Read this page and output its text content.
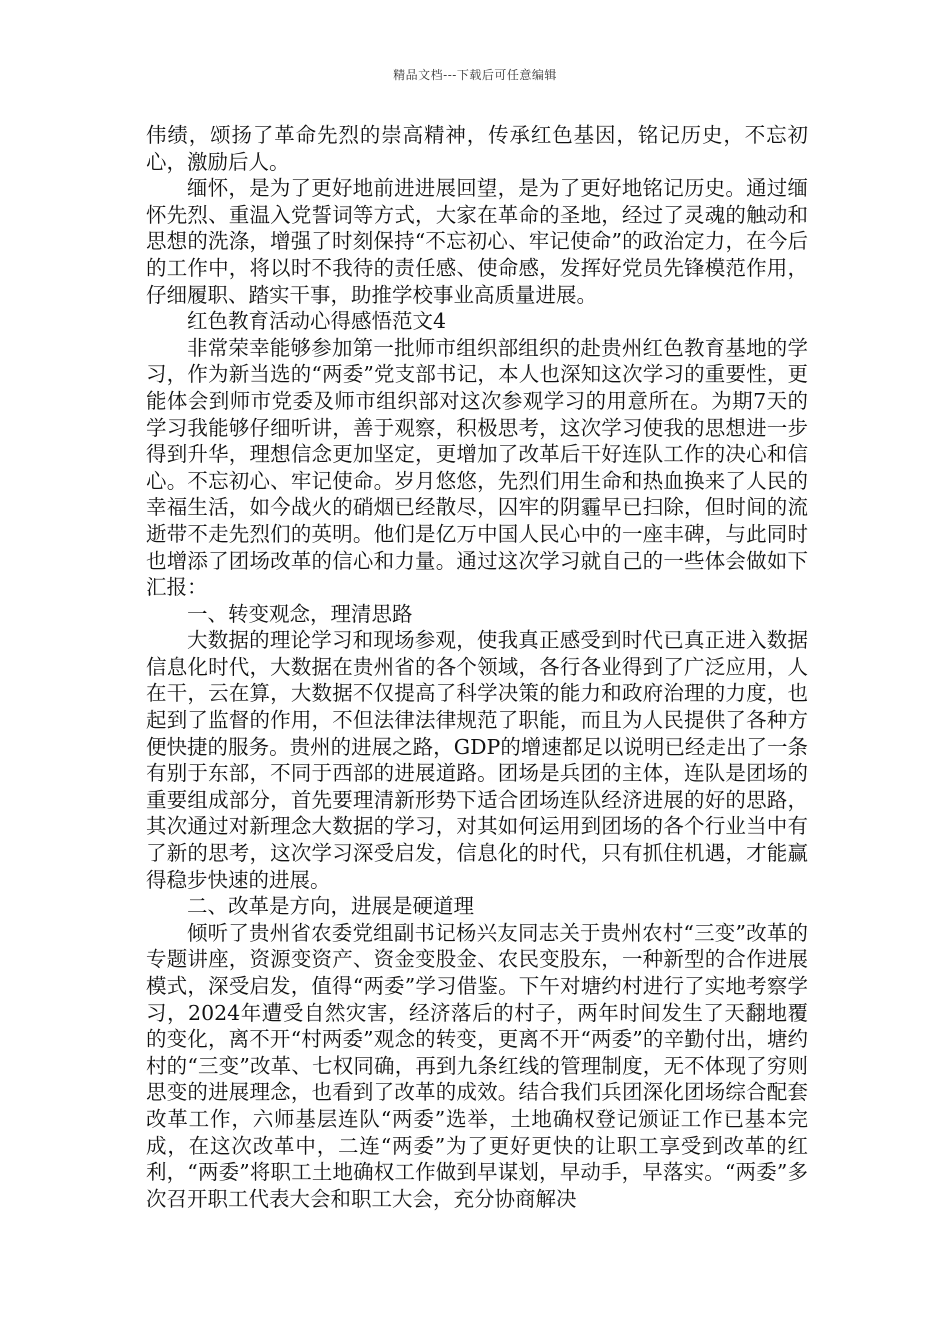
精品文档---下载后可任意编辑

伟绩，颂扬了革命先烈的崇高精神，传承红色基因，铭记历史，不忘初心，激励后人。

缅怀，是为了更好地前进进展回望，是为了更好地铭记历史。通过缅怀先烈、重温入党誓词等方式，大家在革命的圣地，经过了灵魂的触动和思想的洗涤，增强了时刻保持“不忘初心、牢记使命”的政治定力，在今后的工作中，将以时不我待的责任感、使命感，发挥好党员先锋模范作用，仔细履职、踏实干事，助推学校事业高质量进展。

红色教育活动心得感悟范文4

非常荣幸能够参加第一批师市组织部组织的赴贵州红色教育基地的学习，作为新当选的“两委”党支部书记，本人也深知这次学习的重要性，更能体会到师市党委及师市组织部对这次参观学习的用意所在。为期7天的学习我能够仔细听讲，善于观察，积极思考，这次学习使我的思想进一步得到升华，理想信念更加坚定，更增加了改革后干好连队工作的决心和信心。不忘初心、牢记使命。岁月悠悠，先烈们用生命和热血换来了人民的幸福生活，如今战火的硝烟已经散尽，囚牢的阴霾早已扫除，但时间的流逝带不走先烈们的英明。他们是亿万中国人民心中的一座丰碑，与此同时也增添了团场改革的信心和力量。通过这次学习就自己的一些体会做如下汇报：

一、转变观念，理清思路

大数据的理论学习和现场参观，使我真正感受到时代已真正进入数据信息化时代，大数据在贵州省的各个领域，各行各业得到了广泛应用，人在干，云在算，大数据不仅提高了科学决策的能力和政府治理的力度，也起到了监督的作用，不但法律法律规范了职能，而且为人民提供了各种方便快捷的服务。贵州的进展之路，GDP的增速都足以说明已经走出了一条有别于东部，不同于西部的进展道路。团场是兵团的主体，连队是团场的重要组成部分，首先要理清新形势下适合团场连队经济进展的好的思路，其次通过对新理念大数据的学习，对其如何运用到团场的各个行业当中有了新的思考，这次学习深受启发，信息化的时代，只有抓住机遇，才能赢得稳步快速的进展。

二、改革是方向，进展是硬道理

倾听了贵州省农委党组副书记杨兴友同志关于贵州农村“三变”改革的专题讲座，资源变资产、资金变股金、农民变股东，一种新型的合作进展模式，深受启发，值得“两委”学习借鉴。下午对塘约村进行了实地考察学习，2024年遭受自然灾害，经济落后的村子，两年时间发生了天翻地覆的变化，离不开“村两委”观念的转变，更离不开“两委”的辛勤付出，塘约村的“三变”改革、七权同确，再到九条红线的管理制度，无不体现了穷则思变的进展理念，也看到了改革的成效。结合我们兵团深化团场综合配套改革工作，六师基层连队“两委”选举，土地确权登记颁证工作已基本完成，在这次改革中，二连“两委”为了更好更快的让职工享受到改革的红利，“两委”将职工土地确权工作做到早谋划，早动手，早落实。“两委”多次召开职工代表大会和职工大会，充分协商解决
